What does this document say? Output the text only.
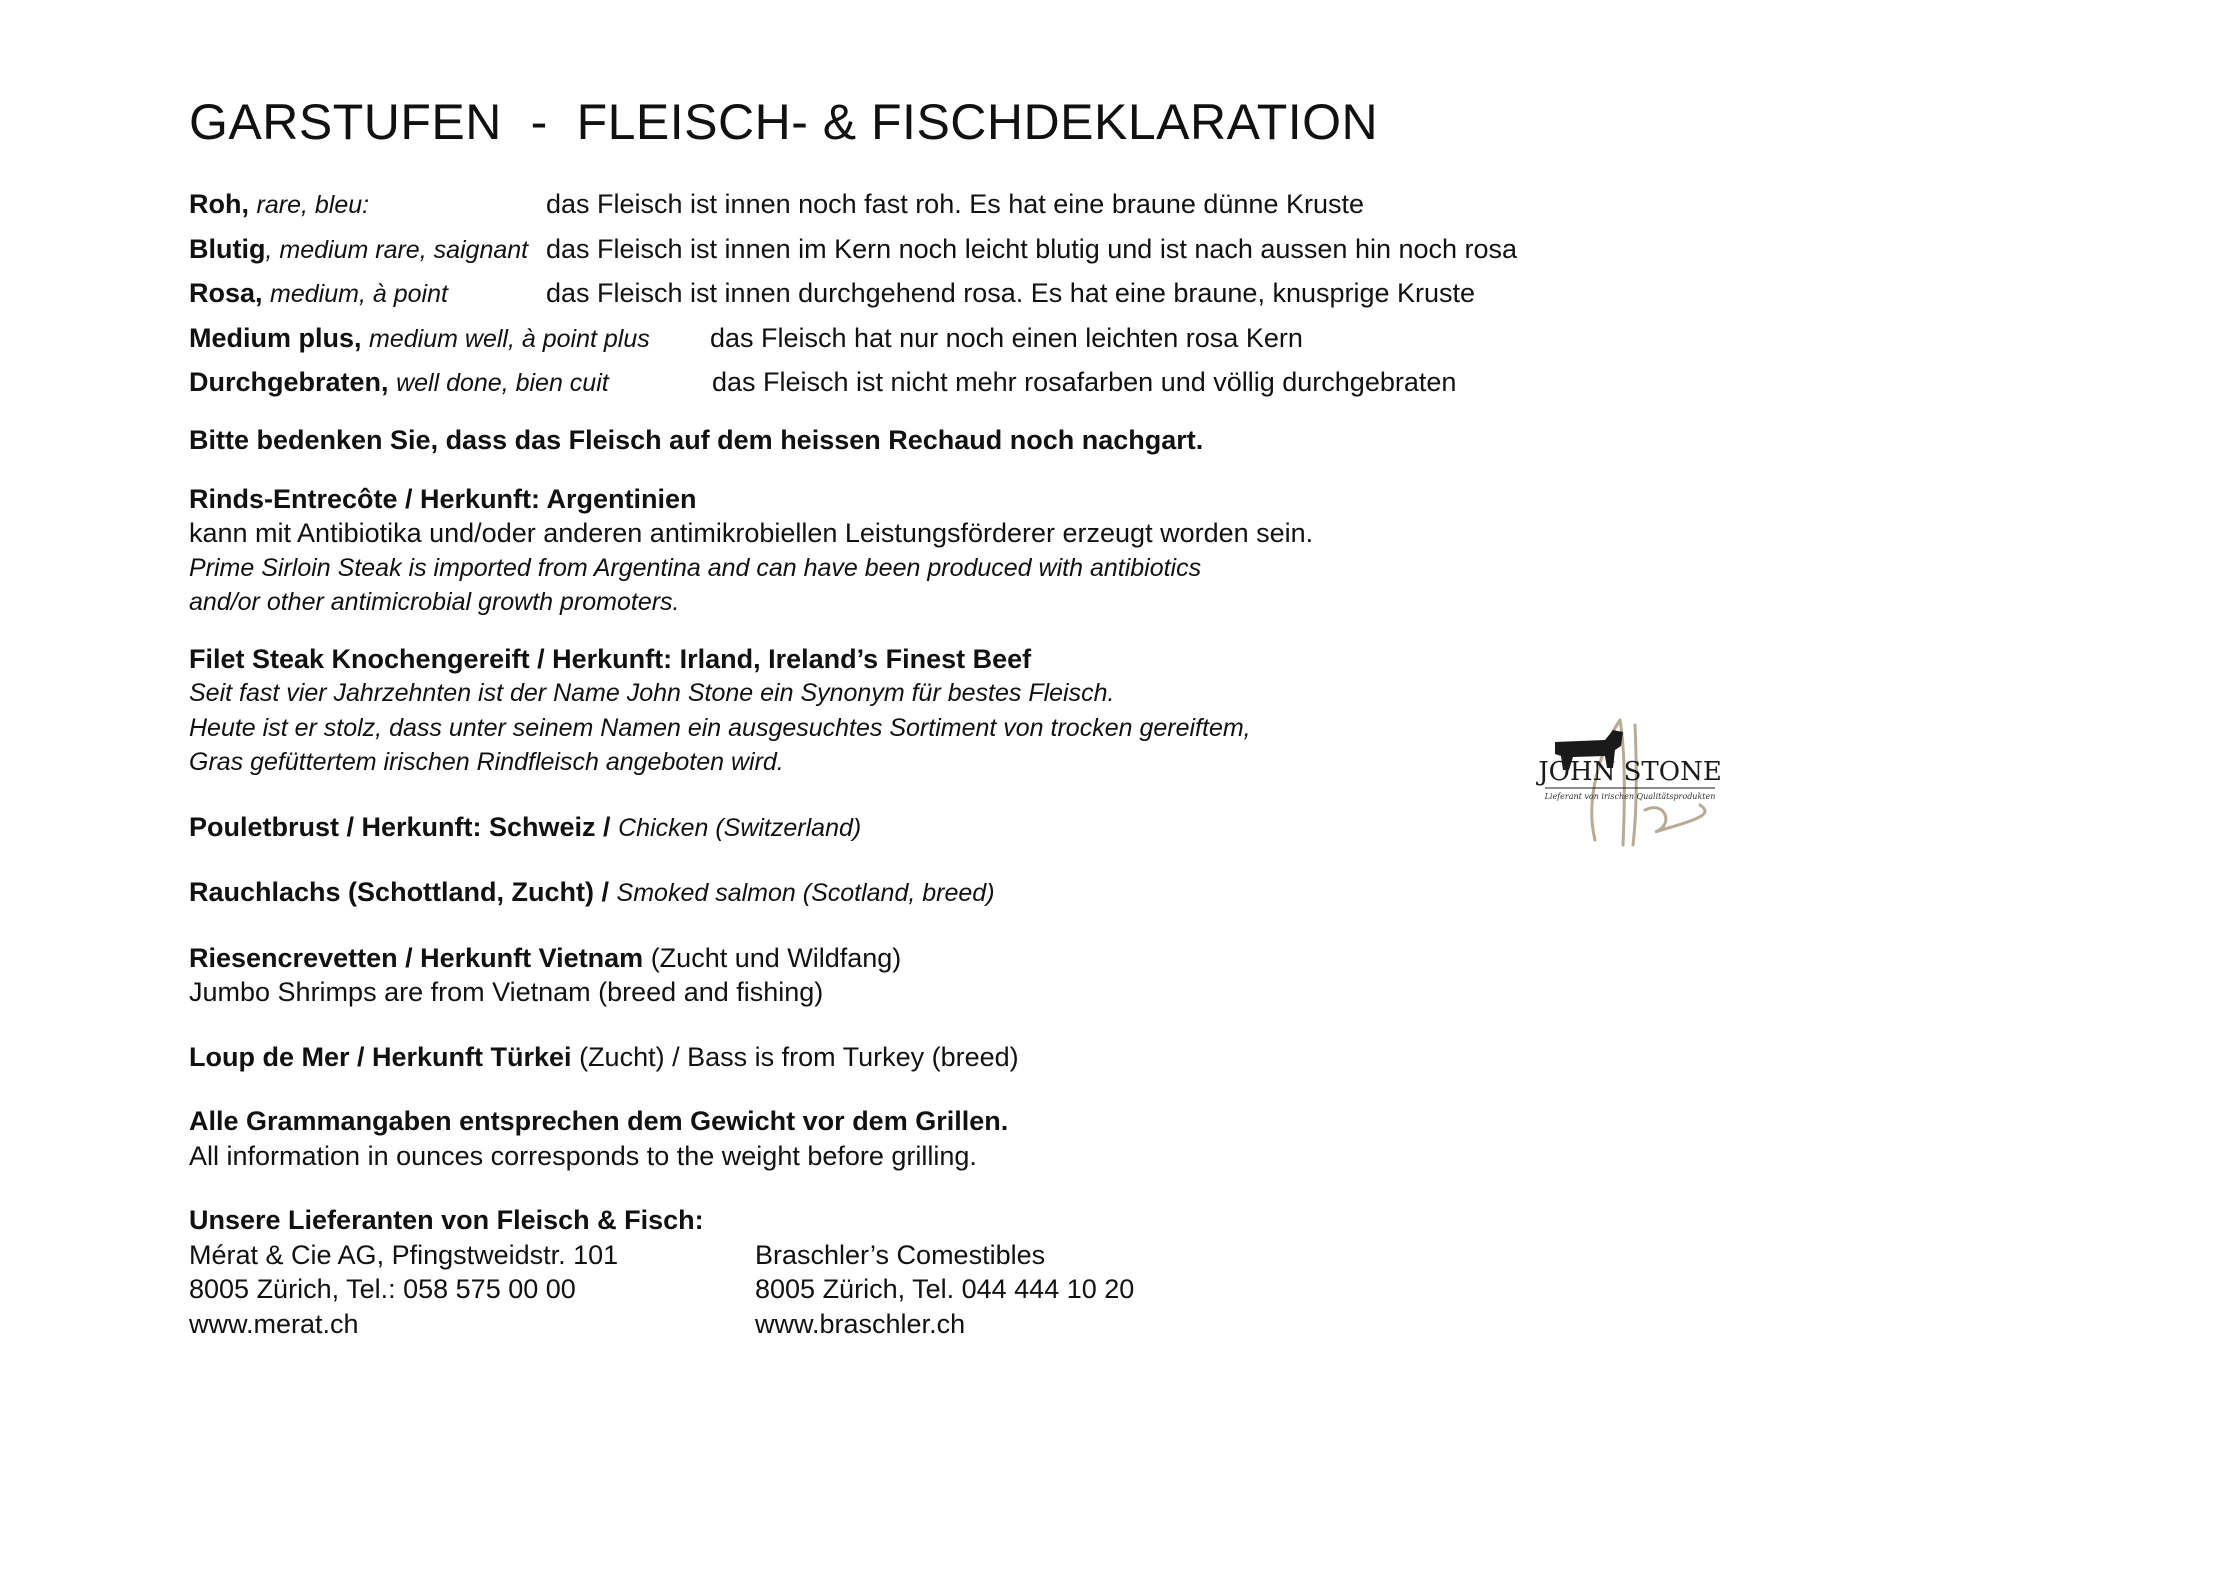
GARSTUFEN  -  FLEISCH- & FISCHDEKLARATION
Roh, rare, bleu:	das Fleisch ist innen noch fast roh. Es hat eine braune dünne Kruste
Blutig, medium rare, saignant das Fleisch ist innen im Kern noch leicht blutig und ist nach aussen hin noch rosa
Rosa, medium, à point	das Fleisch ist innen durchgehend rosa. Es hat eine braune, knusprige Kruste
Medium plus, medium well, à point plus das Fleisch hat nur noch einen leichten rosa Kern
Durchgebraten, well done, bien cuit	das Fleisch ist nicht mehr rosafarben und völlig durchgebraten
Bitte bedenken Sie, dass das Fleisch auf dem heissen Rechaud noch nachgart.
Rinds-Entrecôte / Herkunft: Argentinien
kann mit Antibiotika und/oder anderen antimikrobiellen Leistungsförderer erzeugt worden sein.
Prime Sirloin Steak is imported from Argentina and can have been produced with antibiotics
and/or other antimicrobial growth promoters.
Filet Steak Knochengereift / Herkunft: Irland, Ireland’s Finest Beef
Seit fast vier Jahrzehnten ist der Name John Stone ein Synonym für bestes Fleisch.
Heute ist er stolz, dass unter seinem Namen ein ausgesuchtes Sortiment von trocken gereiftem,
Gras gefüttertem irischen Rindfleisch angeboten wird.
Pouletbrust / Herkunft: Schweiz / Chicken (Switzerland)
Rauchlachs (Schottland, Zucht) / Smoked salmon (Scotland, breed)
Riesencrevetten / Herkunft Vietnam (Zucht und Wildfang)
Jumbo Shrimps are from Vietnam (breed and fishing)
Loup de Mer / Herkunft Türkei (Zucht) / Bass is from Turkey (breed)
Alle Grammangaben entsprechen dem Gewicht vor dem Grillen.
All information in ounces corresponds to the weight before grilling.
Unsere Lieferanten von Fleisch & Fisch:
Mérat & Cie AG, Pfingstweidstr. 101	Braschler’s Comestibles
8005 Zürich, Tel.: 058 575 00 00	8005 Zürich, Tel. 044 444 10 20
www.merat.ch	www.braschler.ch
JOHN STONE
Lieferant von irischen Qualitätsprodukten
